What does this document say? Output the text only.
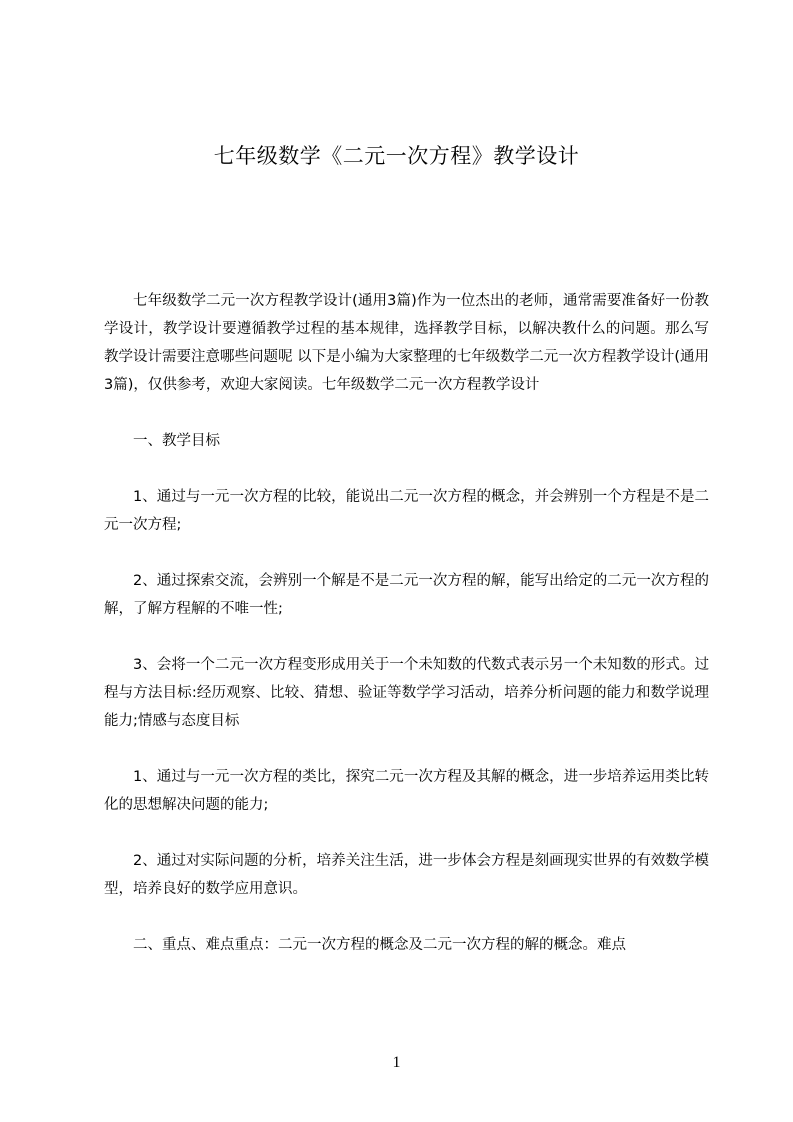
七年级数学《二元一次方程》教学设计

七年级数学二元一次方程教学设计(通用3篇)作为一位杰出的老师，通常需要准备好一份教学设计，教学设计要遵循教学过程的基本规律，选择教学目标，以解决教什么的问题。那么写教学设计需要注意哪些问题呢 以下是小编为大家整理的七年级数学二元一次方程教学设计(通用3篇)，仅供参考，欢迎大家阅读。七年级数学二元一次方程教学设计

一、教学目标

1、通过与一元一次方程的比较，能说出二元一次方程的概念，并会辨别一个方程是不是二元一次方程;

2、通过探索交流，会辨别一个解是不是二元一次方程的解，能写出给定的二元一次方程的解，了解方程解的不唯一性;

3、会将一个二元一次方程变形成用关于一个未知数的代数式表示另一个未知数的形式。过程与方法目标:经历观察、比较、猜想、验证等数学学习活动，培养分析问题的能力和数学说理能力;情感与态度目标

1、通过与一元一次方程的类比，探究二元一次方程及其解的概念，进一步培养运用类比转化的思想解决问题的能力;

2、通过对实际问题的分析，培养关注生活，进一步体会方程是刻画现实世界的有效数学模型，培养良好的数学应用意识。

二、重点、难点重点：二元一次方程的概念及二元一次方程的解的概念。难点

1
